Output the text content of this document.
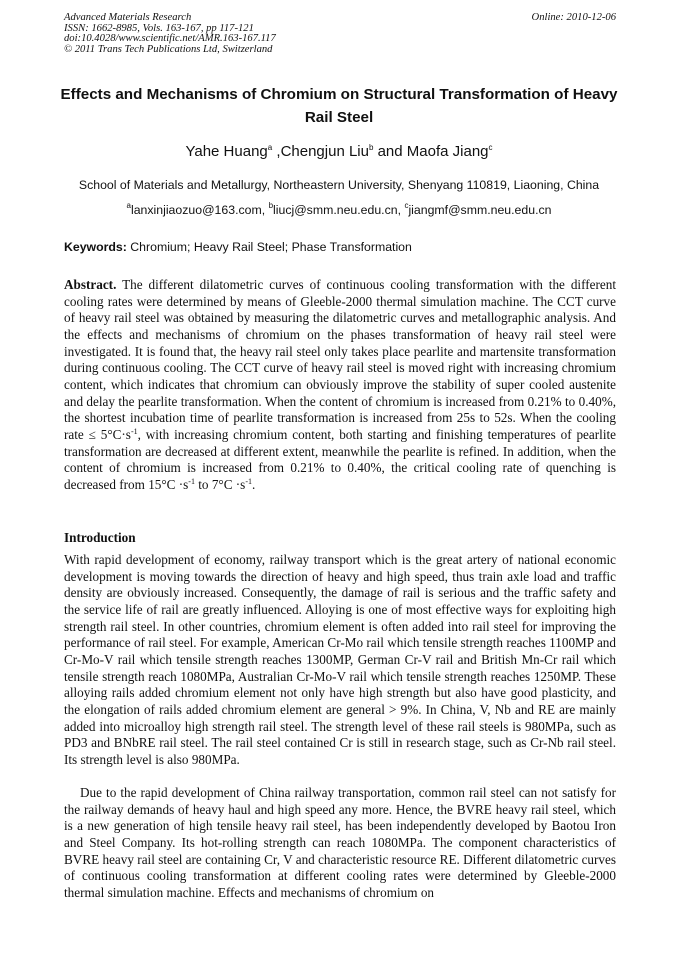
Advanced Materials Research
ISSN: 1662-8985, Vols. 163-167, pp 117-121
doi:10.4028/www.scientific.net/AMR.163-167.117
© 2011 Trans Tech Publications Ltd, Switzerland
Online: 2010-12-06
Effects and Mechanisms of Chromium on Structural Transformation of Heavy Rail Steel
Yahe Huang$^a$ ,Chengjun Liu$^b$ and Maofa Jiang$^c$
School of Materials and Metallurgy, Northeastern University, Shenyang 110819, Liaoning, China
$^a$lanxinjiaozuo@163.com, $^b$liucj@smm.neu.edu.cn, $^c$jiangmf@smm.neu.edu.cn
Keywords: Chromium; Heavy Rail Steel; Phase Transformation

Abstract. The different dilatometric curves of continuous cooling transformation with the different cooling rates were determined by means of Gleeble-2000 thermal simulation machine. The CCT curve of heavy rail steel was obtained by measuring the dilatometric curves and metallographic analysis. And the effects and mechanisms of chromium on the phases transformation of heavy rail steel were investigated. It is found that, the heavy rail steel only takes place pearlite and martensite transformation during continuous cooling. The CCT curve of heavy rail steel is moved right with increasing chromium content, which indicates that chromium can obviously improve the stability of super cooled austenite and delay the pearlite transformation. When the content of chromium is increased from 0.21% to 0.40%, the shortest incubation time of pearlite transformation is increased from 25s to 52s. When the cooling rate ≤ $5^\circ C\cdot s^{-1}$, with increasing chromium content, both starting and finishing temperatures of pearlite transformation are decreased at different extent, meanwhile the pearlite is refined. In addition, when the content of chromium is increased from 0.21% to 0.40%, the critical cooling rate of quenching is decreased from $15^\circ C \cdot s^{-1}$ to $7^\circ C \cdot s^{-1}$.

Introduction

With rapid development of economy, railway transport which is the great artery of national economic development is moving towards the direction of heavy and high speed, thus train axle load and traffic density are obviously increased. Consequently, the damage of rail is serious and the traffic safety and the service life of rail are greatly influenced. Alloying is one of most effective ways for exploiting high strength rail steel. In other countries, chromium element is often added into rail steel for improving the performance of rail steel. For example, American Cr-Mo rail which tensile strength reaches 1100MP and Cr-Mo-V rail which tensile strength reaches 1300MP, German Cr-V rail and British Mn-Cr rail which tensile strength reach 1080MPa, Australian Cr-Mo-V rail which tensile strength reaches 1250MP. These alloying rails added chromium element not only have high strength but also have good plasticity, and the elongation of rails added chromium element are general > 9%. In China, V, Nb and RE are mainly added into microalloy high strength rail steel. The strength level of these rail steels is 980MPa, such as PD3 and BNbRE rail steel. The rail steel contained Cr is still in research stage, such as Cr-Nb rail steel. Its strength level is also 980MPa.

Due to the rapid development of China railway transportation, common rail steel can not satisfy for the railway demands of heavy haul and high speed any more. Hence, the BVRE heavy rail steel, which is a new generation of high tensile heavy rail steel, has been independently developed by Baotou Iron and Steel Company. Its hot-rolling strength can reach 1080MPa. The component characteristics of BVRE heavy rail steel are containing Cr, V and characteristic resource RE. Different dilatometric curves of continuous cooling transformation at different cooling rates were determined by Gleeble-2000 thermal simulation machine. Effects and mechanisms of chromium on
